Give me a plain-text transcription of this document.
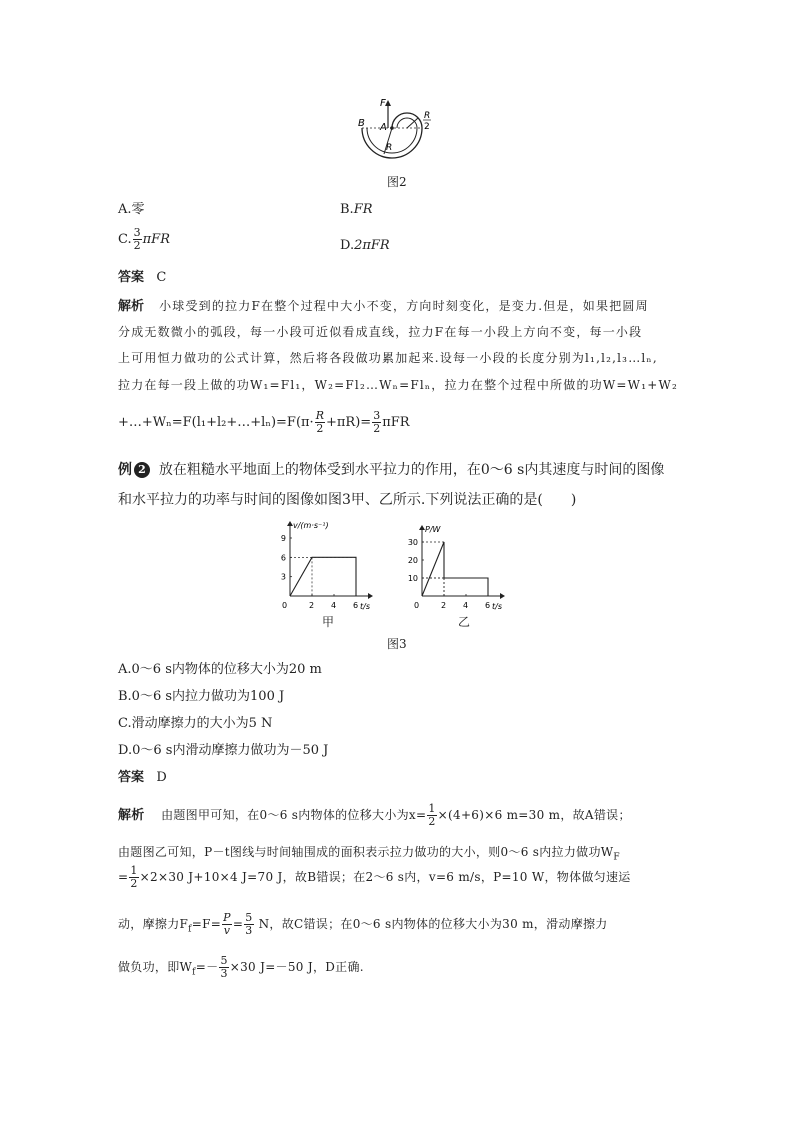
F
R
2
B A
R
图2
A.零	B.FR
C. $\frac{3}{2}$ πFR	D.2πFR
答案 C
解析 小球受到的拉力F在整个过程中大小不变，方向时刻变化，是变力.但是，如果把圆周
分成无数微小的弧段，每一小段可近似看成直线，拉力F在每一小段上方向不变，每一小段
上可用恒力做功的公式计算，然后将各段做功累加起来.设每一小段的长度分别为l₁,l₂,l₃…lₙ,
拉力在每一段上做的功W₁=Fl₁，W₂=Fl₂…Wₙ=Flₙ，拉力在整个过程中所做的功W=W₁+W₂
+…+Wₙ=F(l₁+l₂+…+lₙ)=F(π· $\frac{R}{2} +\pi R)= \frac{3}{2}$ πFR
例 2 放在粗糙水平地面上的物体受到水平拉力的作用，在0～6 s内其速度与时间的图像
和水平拉力的功率与时间的图像如图3甲、乙所示.下列说法正确的是(　　)
v/(m·s⁻¹)
t/s
0	2 4 6
3
6
9
P/W
t/s
0	2 4 6
10
20
30
甲	乙
图3
A.0～6 s内物体的位移大小为20 m
B.0～6 s内拉力做功为100 J
C.滑动摩擦力的大小为5 N
D.0～6 s内滑动摩擦力做功为－50 J
答案 D
解析 由题图甲可知，在0～6 s内物体的位移大小为$x= \frac{1}{2} \times(4+6)\times 6$ m=30 m，故A错误；
由题图乙可知，P－t图线与时间轴围成的面积表示拉力做功的大小，则0～6 s内拉力做功$W_F$
= $\frac{1}{2} \times 2\times 30$ J+10×4 J=70 J，故B错误；在2～6 s内，v=6 m/s，P=10 W，物体做匀速运
动，摩擦力$F_f=F= \frac{P}{v} = \frac{5}{3}$ N，故C错误；在0～6 s内物体的位移大小为30 m，滑动摩擦力
做负功，即$W_f=- \frac{5}{3} \times 30$ J=－50 J，D正确.
